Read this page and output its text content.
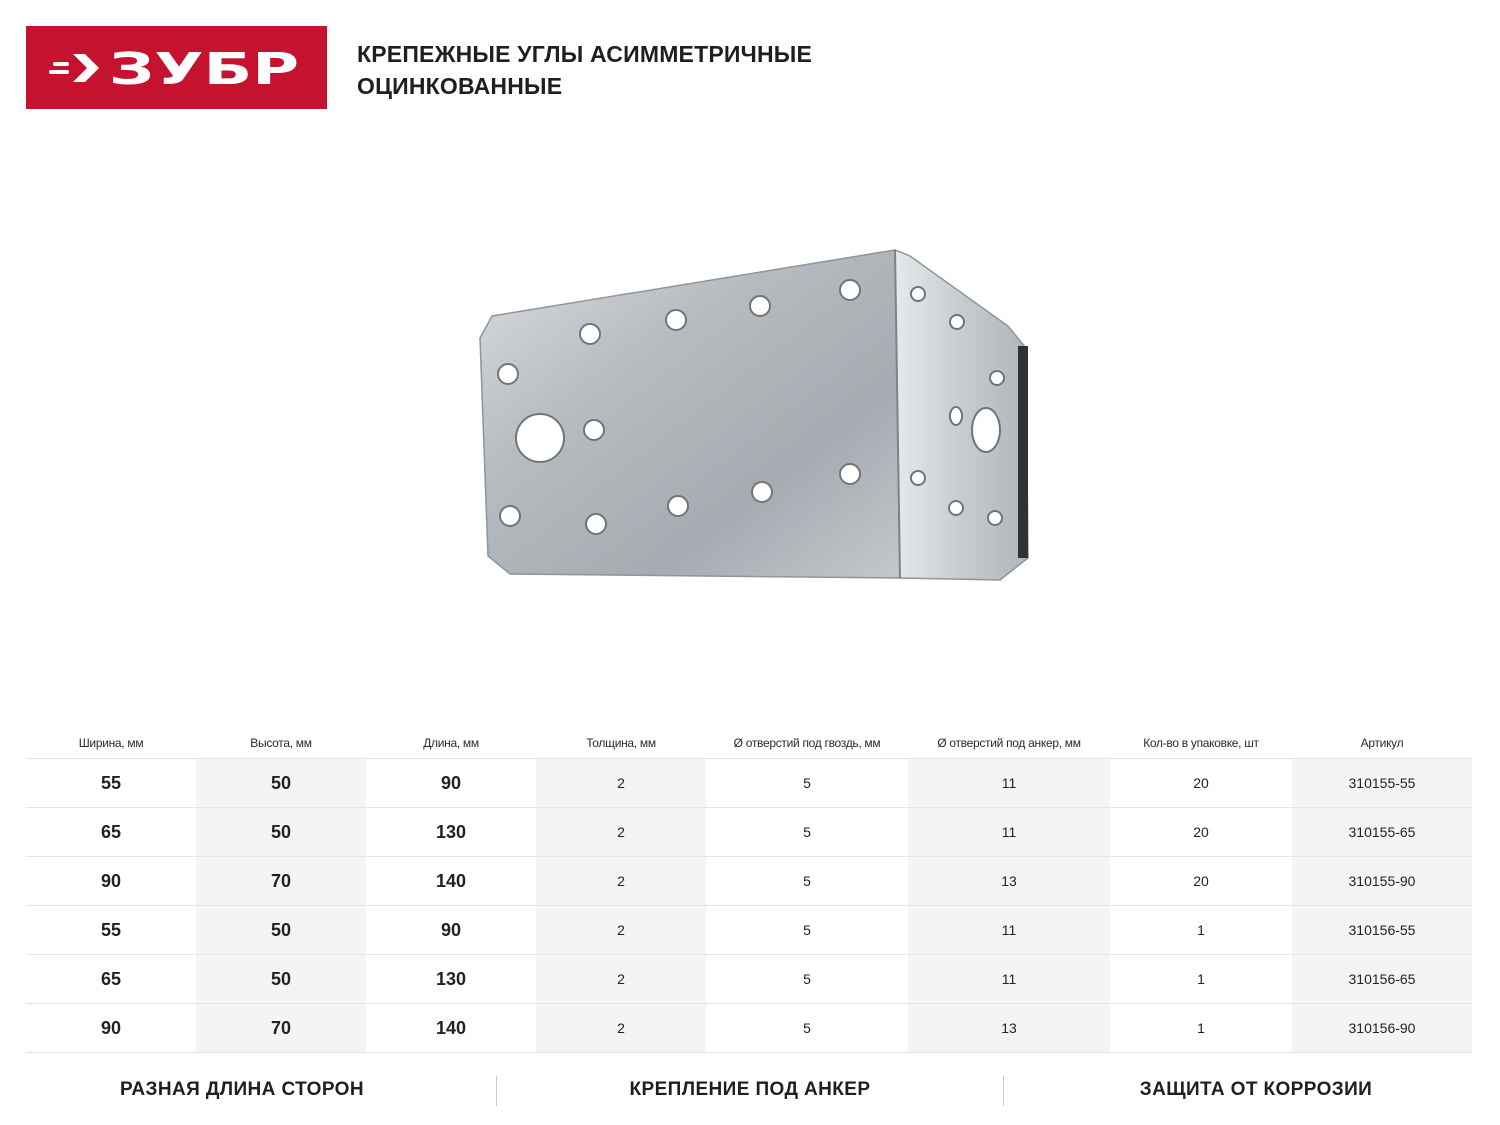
ЗУБР	КРЕПЕЖНЫЕ УГЛЫ АСИММЕТРИЧНЫЕ
ОЦИНКОВАННЫЕ
Ширина, мм	Высота, мм	Длина, мм	Толщина, мм	Ø отверстий под гвоздь, мм	Ø отверстий под анкер, мм	Кол-во в упаковке, шт	Артикул
55	50	90	2	5	11	20	310155-55
65	50	130	2	5	11	20	310155-65
90	70	140	2	5	13	20	310155-90
55	50	90	2	5	11	1	310156-55
65	50	130	2	5	11	1	310156-65
90	70	140	2	5	13	1	310156-90
РАЗНАЯ ДЛИНА СТОРОН	КРЕПЛЕНИЕ ПОД АНКЕР	ЗАЩИТА ОТ КОРРОЗИИ
